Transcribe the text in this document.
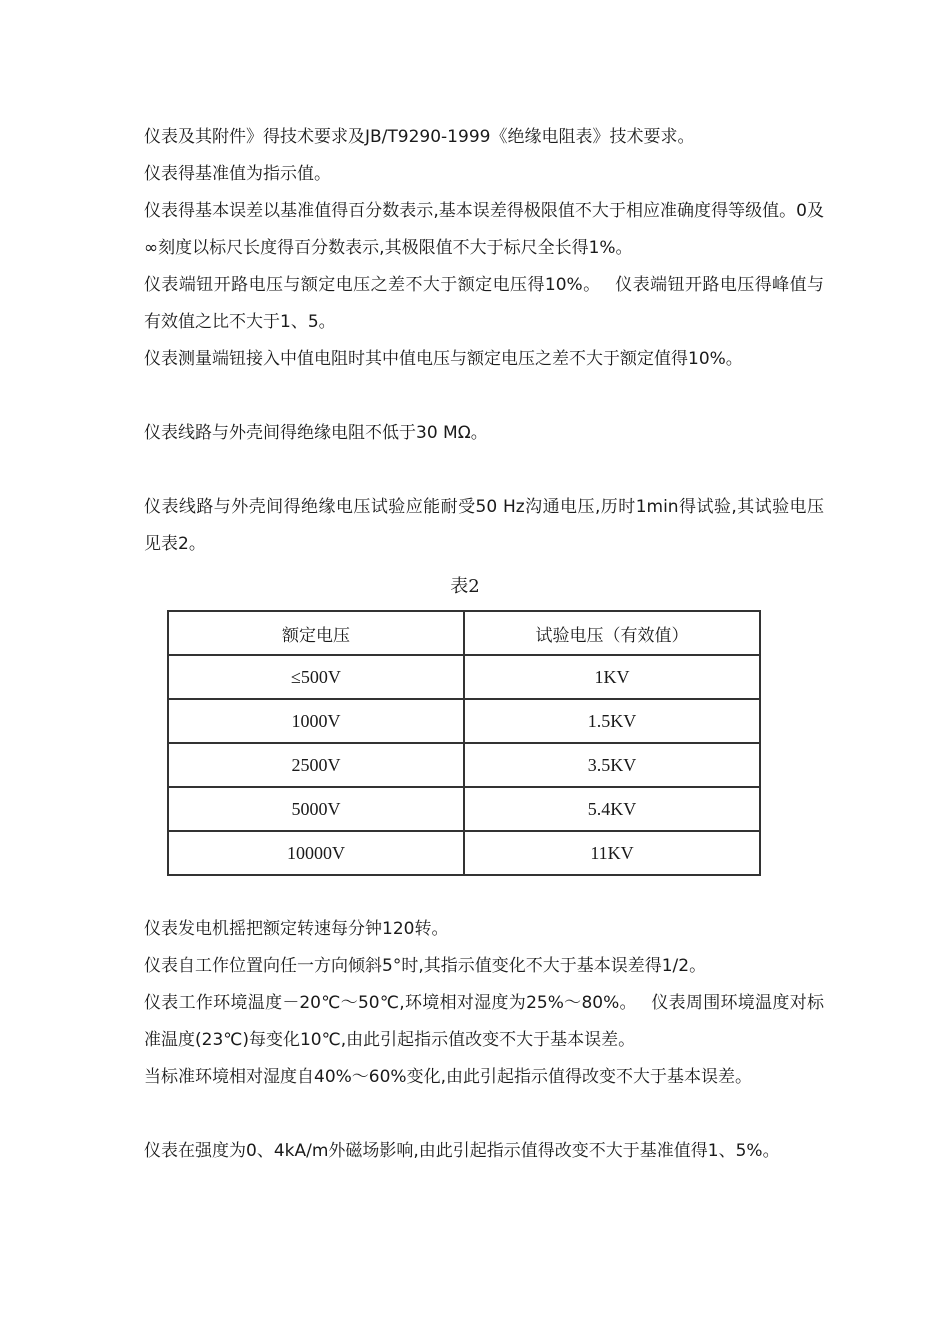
仪表及其附件》得技术要求及JB/T9290-1999《绝缘电阻表》技术要求。

仪表得基准值为指示值。

仪表得基本误差以基准值得百分数表示,基本误差得极限值不大于相应准确度得等级值。0及∞刻度以标尺长度得百分数表示,其极限值不大于标尺全长得1%。

仪表端钮开路电压与额定电压之差不大于额定电压得10%。　 仪表端钮开路电压得峰值与有效值之比不大于1、5。

仪表测量端钮接入中值电阻时其中值电压与额定电压之差不大于额定值得10%。

仪表线路与外壳间得绝缘电阻不低于30 MΩ。

仪表线路与外壳间得绝缘电压试验应能耐受50 Hz沟通电压,历时1min得试验,其试验电压见表2。

表2
额定电压	试验电压（有效值）
≤500V	1KV
1000V	1.5KV
2500V	3.5KV
5000V	5.4KV
10000V	11KV

仪表发电机摇把额定转速每分钟120转。

仪表自工作位置向任一方向倾斜5°时,其指示值变化不大于基本误差得1/2。

仪表工作环境温度－20℃～50℃,环境相对湿度为25%～80%。　 仪表周围环境温度对标准温度(23℃)每变化10℃,由此引起指示值改变不大于基本误差。

当标准环境相对湿度自40%～60%变化,由此引起指示值得改变不大于基本误差。

仪表在强度为0、4kA/m外磁场影响,由此引起指示值得改变不大于基准值得1、5%。
